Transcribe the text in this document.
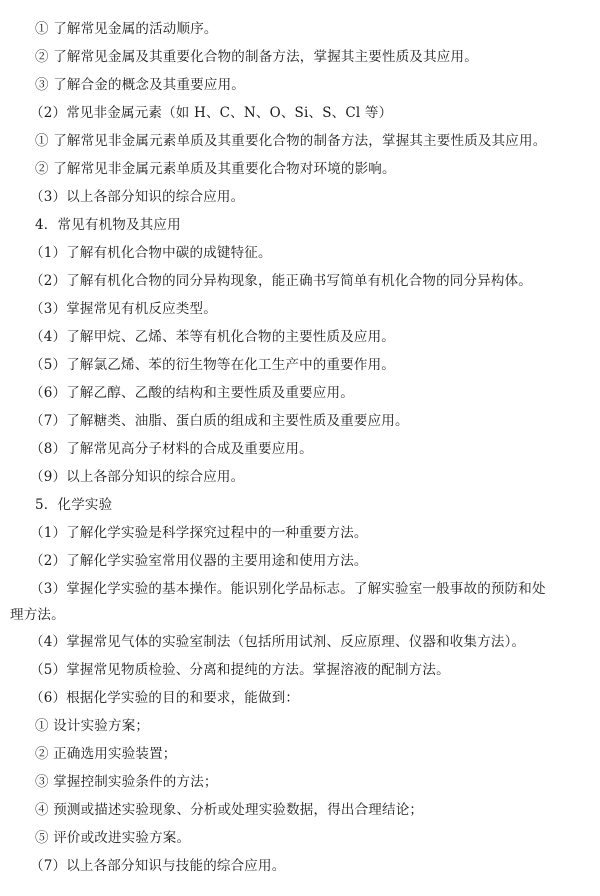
① 了解常见金属的活动顺序。
② 了解常见金属及其重要化合物的制备方法，掌握其主要性质及其应用。
③ 了解合金的概念及其重要应用。
（2）常见非金属元素（如 H、C、N、O、Si、S、Cl 等）
① 了解常见非金属元素单质及其重要化合物的制备方法，掌握其主要性质及其应用。
② 了解常见非金属元素单质及其重要化合物对环境的影响。
（3）以上各部分知识的综合应用。
4．常见有机物及其应用
（1）了解有机化合物中碳的成键特征。
（2）了解有机化合物的同分异构现象，能正确书写简单有机化合物的同分异构体。
（3）掌握常见有机反应类型。
（4）了解甲烷、乙烯、苯等有机化合物的主要性质及应用。
（5）了解氯乙烯、苯的衍生物等在化工生产中的重要作用。
（6）了解乙醇、乙酸的结构和主要性质及重要应用。
（7）了解糖类、油脂、蛋白质的组成和主要性质及重要应用。
（8）了解常见高分子材料的合成及重要应用。
（9）以上各部分知识的综合应用。
5．化学实验
（1）了解化学实验是科学探究过程中的一种重要方法。
（2）了解化学实验室常用仪器的主要用途和使用方法。
（3）掌握化学实验的基本操作。能识别化学品标志。了解实验室一般事故的预防和处
理方法。
（4）掌握常见气体的实验室制法（包括所用试剂、反应原理、仪器和收集方法）。
（5）掌握常见物质检验、分离和提纯的方法。掌握溶液的配制方法。
（6）根据化学实验的目的和要求，能做到：
① 设计实验方案；
② 正确选用实验装置；
③ 掌握控制实验条件的方法；
④ 预测或描述实验现象、分析或处理实验数据，得出合理结论；
⑤ 评价或改进实验方案。
（7）以上各部分知识与技能的综合应用。
